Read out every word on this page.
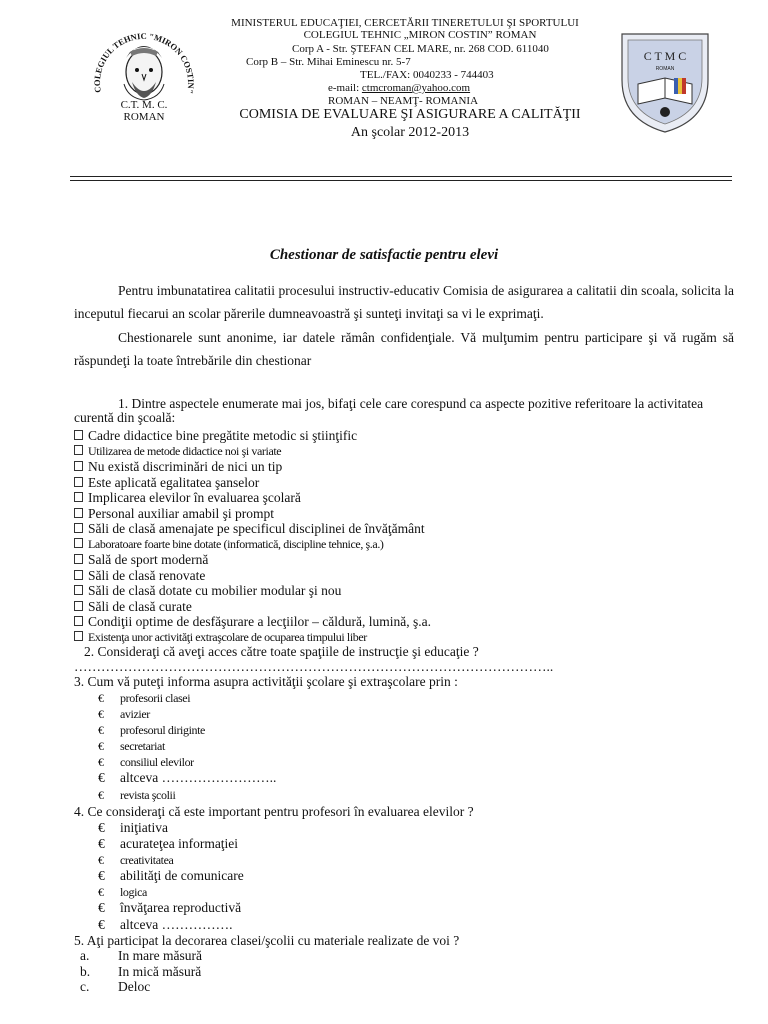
COLEGIUL TEHNIC "MIRON COSTIN"
C.T. M. C.
ROMAN
MINISTERUL EDUCAŢIEI, CERCETĂRII TINERETULUI ŞI SPORTULUI
COLEGIUL TEHNIC „MIRON COSTIN” ROMAN
Corp A - Str. ŞTEFAN CEL MARE, nr. 268 COD. 611040
Corp B – Str. Mihai Eminescu nr. 5-7
TEL./FAX: 0040233 - 744403
e-mail: ctmcroman@yahoo.com
ROMAN – NEAMŢ- ROMANIA
COMISIA DE EVALUARE ŞI ASIGURARE A CALITĂŢII
An şcolar 2012-2013
C T M C
ROMAN
Chestionar de satisfactie pentru elevi
Pentru imbunatatirea calitatii procesului instructiv-educativ Comisia de asigurarea a calitatii din scoala, solicita la inceputul fiecarui an scolar părerile dumneavoastră şi sunteţi invitaţi sa vi le exprimaţi.
Chestionarele sunt anonime, iar datele rămân confidenţiale. Vă mulţumim pentru participare şi vă rugăm să răspundeţi la toate întrebările din chestionar
1. Dintre aspectele enumerate mai jos, bifaţi cele care corespund ca aspecte pozitive referitoare la activitatea curentă din şcoală:
Cadre didactice bine pregătite metodic si ştiinţific
Utilizarea de metode didactice noi şi variate
Nu există discriminări de nici un tip
Este aplicată egalitatea şanselor
Implicarea elevilor în evaluarea şcolară
Personal auxiliar amabil şi prompt
Săli de clasă amenajate pe specificul disciplinei de învăţământ
Laboratoare foarte bine dotate (informatică, discipline tehnice, ş.a.)
Sală de sport modernă
Săli de clasă renovate
Săli de clasă dotate cu mobilier modular şi nou
Săli de clasă curate
Condiţii optime de desfăşurare a lecţiilor – căldură, lumină, ş.a.
Existenţa unor activităţi extraşcolare de ocuparea timpului liber
2. Consideraţi că aveţi acces către toate spaţiile de instrucţie şi educaţie ?
……………………………………………………………………………………………..
3. Cum vă puteţi informa asupra activităţii şcolare şi extraşcolare prin :
€ profesorii clasei
€ avizier
€ profesorul diriginte
€ secretariat
€ consiliul elevilor
€ altceva ……………………..
€ revista şcolii
4. Ce consideraţi că este important pentru profesori în evaluarea elevilor ?
€ iniţiativa
€ acurateţea informaţiei
€ creativitatea
€ abilităţi de comunicare
€ logica
€ învăţarea reproductivă
€ altceva …………….
5. Aţi participat la decorarea clasei/şcolii cu materiale realizate de voi ?
a. In mare măsură
b. In mică măsură
c. Deloc
